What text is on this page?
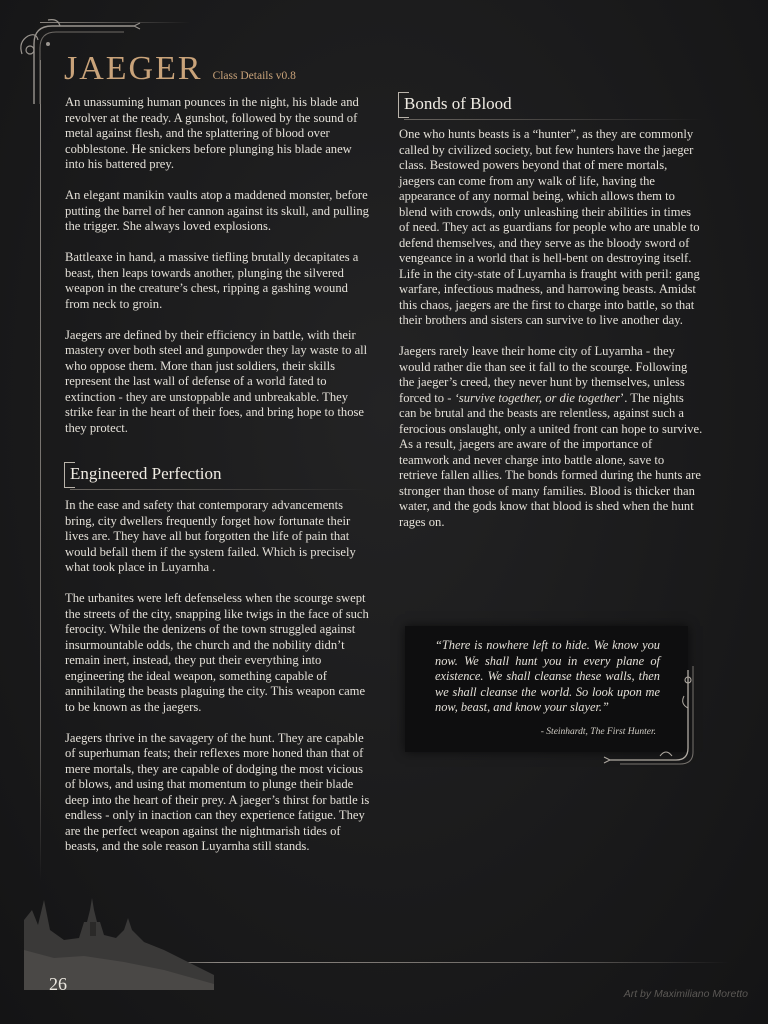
JAEGER Class Details v0.8

An unassuming human pounces in the night, his blade and revolver at the ready. A gunshot, followed by the sound of metal against flesh, and the splattering of blood over cobblestone. He snickers before plunging his blade anew into his battered prey.

An elegant manikin vaults atop a maddened monster, before putting the barrel of her cannon against its skull, and pulling the trigger. She always loved explosions.

Battleaxe in hand, a massive tiefling brutally decapitates a beast, then leaps towards another, plunging the silvered weapon in the creature’s chest, ripping a gashing wound from neck to groin.

Jaegers are defined by their efficiency in battle, with their mastery over both steel and gunpowder they lay waste to all who oppose them. More than just soldiers, their skills represent the last wall of defense of a world fated to extinction - they are unstoppable and unbreakable. They strike fear in the heart of their foes, and bring hope to those they protect.

Engineered Perfection

In the ease and safety that contemporary advancements bring, city dwellers frequently forget how fortunate their lives are. They have all but forgotten the life of pain that would befall them if the system failed. Which is precisely what took place in Luyarnha .

The urbanites were left defenseless when the scourge swept the streets of the city, snapping like twigs in the face of such ferocity. While the denizens of the town struggled against insurmountable odds, the church and the nobility didn’t remain inert, instead, they put their everything into engineering the ideal weapon, something capable of annihilating the beasts plaguing the city. This weapon came to be known as the jaegers.

Jaegers thrive in the savagery of the hunt. They are capable of superhuman feats; their reflexes more honed than that of mere mortals, they are capable of dodging the most vicious of blows, and using that momentum to plunge their blade deep into the heart of their prey. A jaeger’s thirst for battle is endless - only in inaction can they experience fatigue. They are the perfect weapon against the nightmarish tides of beasts, and the sole reason Luyarnha still stands.

Bonds of Blood

One who hunts beasts is a “hunter”, as they are commonly called by civilized society, but few hunters have the jaeger class. Bestowed powers beyond that of mere mortals, jaegers can come from any walk of life, having the appearance of any normal being, which allows them to blend with crowds, only unleashing their abilities in times of need. They act as guardians for people who are unable to defend themselves, and they serve as the bloody sword of vengeance in a world that is hell-bent on destroying itself. Life in the city-state of Luyarnha is fraught with peril: gang warfare, infectious madness, and harrowing beasts. Amidst this chaos, jaegers are the first to charge into battle, so that their brothers and sisters can survive to live another day.

Jaegers rarely leave their home city of Luyarnha - they would rather die than see it fall to the scourge. Following the jaeger’s creed, they never hunt by themselves, unless forced to - ‘survive together, or die together’. The nights can be brutal and the beasts are relentless, against such a ferocious onslaught, only a united front can hope to survive. As a result, jaegers are aware of the importance of teamwork and never charge into battle alone, save to retrieve fallen allies. The bonds formed during the hunts are stronger than those of many families. Blood is thicker than water, and the gods know that blood is shed when the hunt rages on.

“There is nowhere left to hide. We know you now. We shall hunt you in every plane of existence. We shall cleanse these walls, then we shall cleanse the world. So look upon me now, beast, and know your slayer.”
- Steinhardt, The First Hunter.
26	Art by Maximiliano Moretto
